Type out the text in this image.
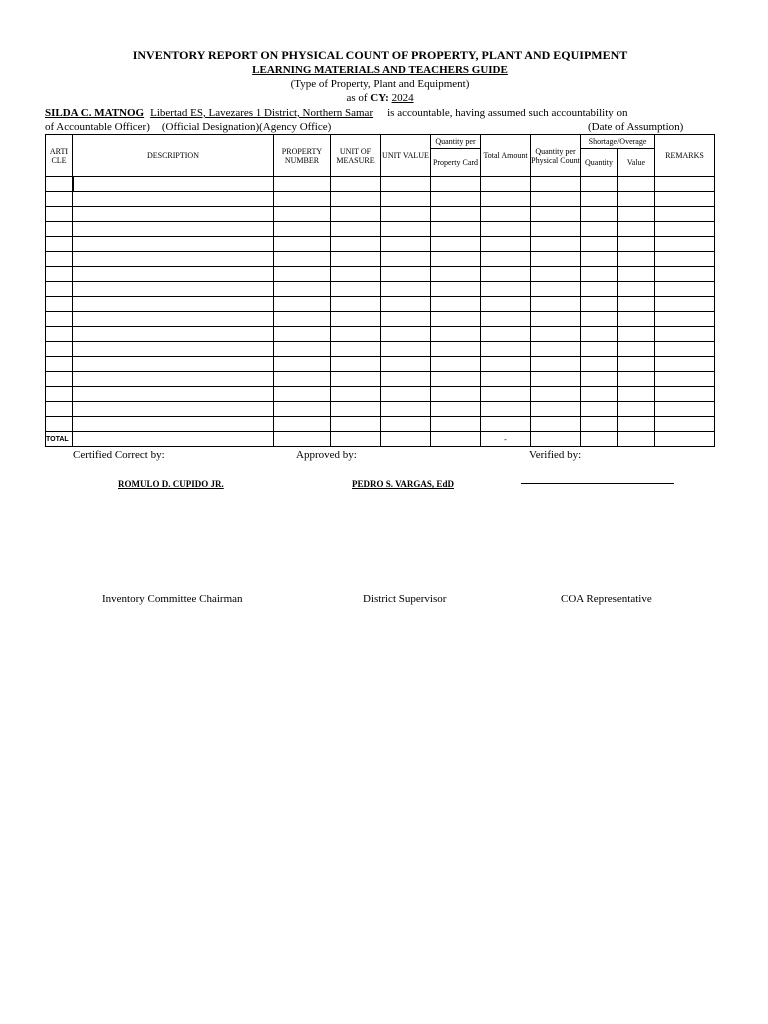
INVENTORY REPORT ON PHYSICAL COUNT OF PROPERTY, PLANT AND EQUIPMENT
LEARNING MATERIALS AND TEACHERS GUIDE
(Type of Property, Plant and Equipment)
as of CY: 2024
SILDA C. MATNOG Libertad ES, Lavezares 1 District, Northern Samar is accountable, having assumed such accountability on
of Accountable Officer) (Official Designation)(Agency Office)	(Date of Assumption)
ARTI CLE	DESCRIPTION	PROPERTY NUMBER	UNIT OF MEASURE	UNIT VALUE	Quantity per	Total Amount	Quantity per Physical Count	Shortage/Overage		REMARKS
					Property Card			Quantity	Value	

TOTAL						-				
Certified Correct by:	Approved by:	Verified by:
ROMULO D. CUPIDO JR.	PEDRO S. VARGAS, EdD
Inventory Committee Chairman	District Supervisor	COA Representative
